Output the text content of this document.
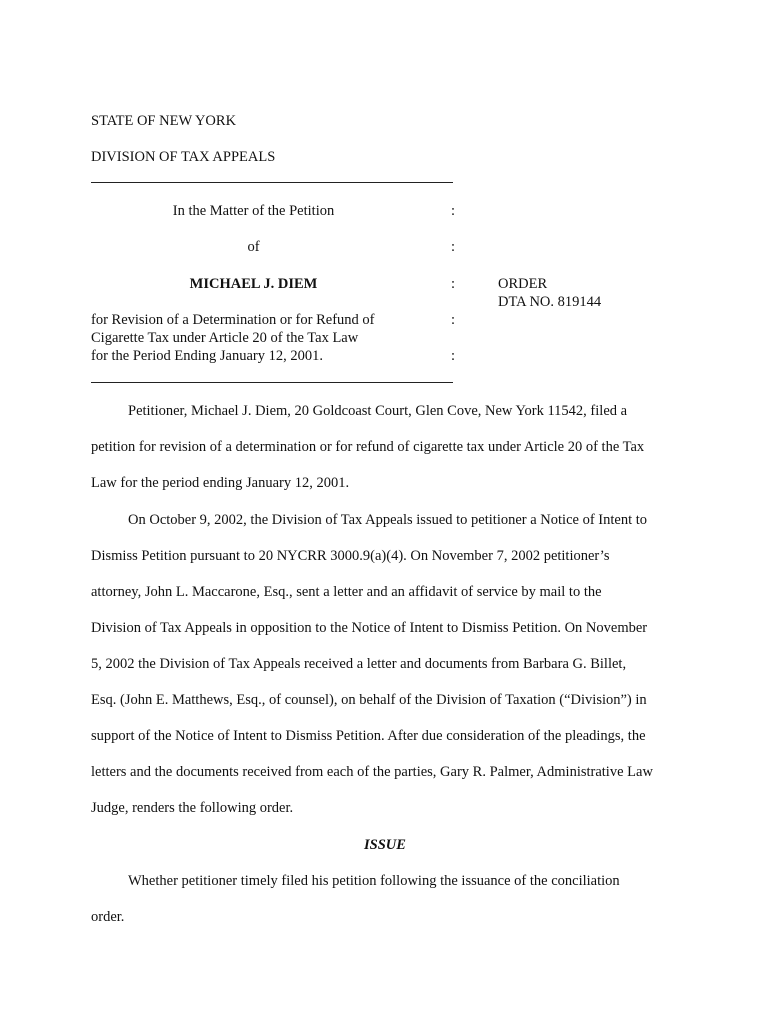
STATE OF NEW YORK
DIVISION OF TAX APPEALS
In the Matter of the Petition
of
MICHAEL J. DIEM
for Revision of a Determination or for Refund of
Cigarette Tax under Article 20 of the Tax Law
for the Period Ending January 12, 2001.
:
:
:
:
:
ORDER
DTA NO. 819144
Petitioner, Michael J. Diem, 20 Goldcoast Court, Glen Cove, New York 11542, filed a
petition for revision of a determination or for refund of cigarette tax under Article 20 of the Tax
Law for the period ending January 12, 2001.
On October 9, 2002, the Division of Tax Appeals issued to petitioner a Notice of Intent to
Dismiss Petition pursuant to 20 NYCRR 3000.9(a)(4). On November 7, 2002 petitioner’s
attorney, John L. Maccarone, Esq., sent a letter and an affidavit of service by mail to the
Division of Tax Appeals in opposition to the Notice of Intent to Dismiss Petition. On November
5, 2002 the Division of Tax Appeals received a letter and documents from Barbara G. Billet,
Esq. (John E. Matthews, Esq., of counsel), on behalf of the Division of Taxation (“Division”) in
support of the Notice of Intent to Dismiss Petition. After due consideration of the pleadings, the
letters and the documents received from each of the parties, Gary R. Palmer, Administrative Law
Judge, renders the following order.
ISSUE
Whether petitioner timely filed his petition following the issuance of the conciliation
order.
